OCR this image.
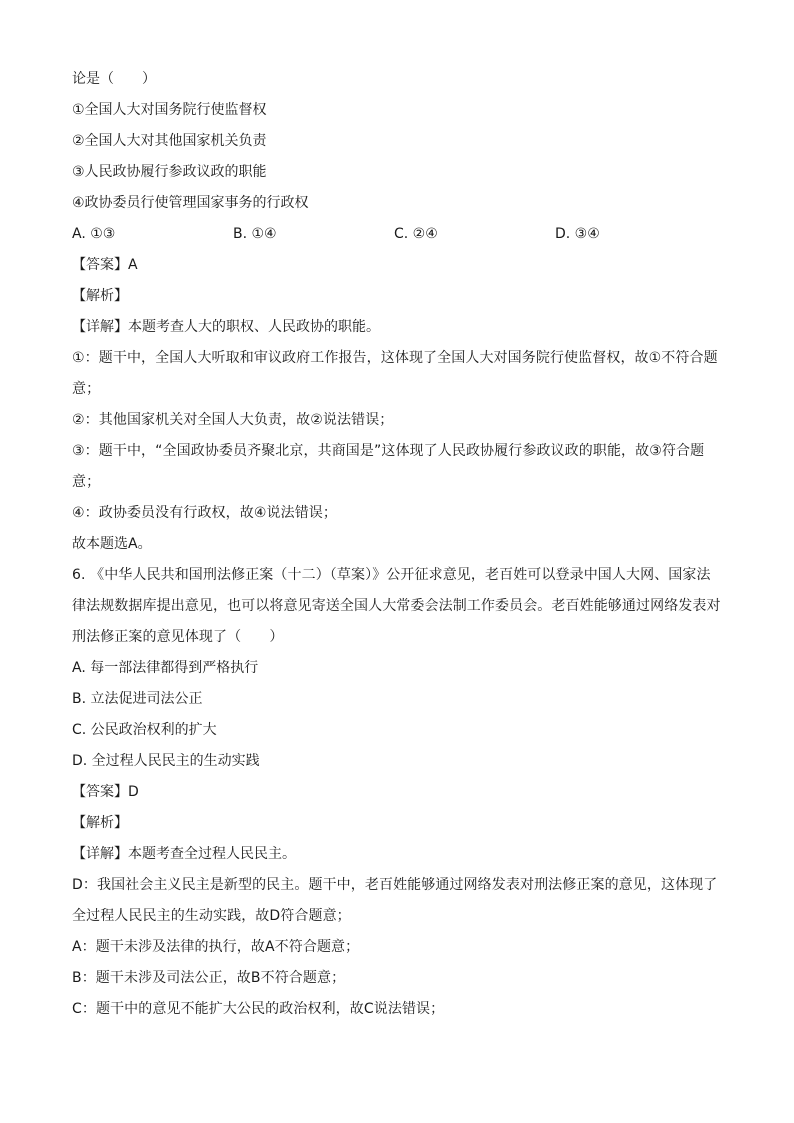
论是（　　）
①全国人大对国务院行使监督权
②全国人大对其他国家机关负责
③人民政协履行参政议政的职能
④政协委员行使管理国家事务的行政权
A. ①③	B. ①④	C. ②④	D. ③④
【答案】A
【解析】
【详解】本题考查人大的职权、人民政协的职能。
①：题干中，全国人大听取和审议政府工作报告，这体现了全国人大对国务院行使监督权，故①不符合题意；
②：其他国家机关对全国人大负责，故②说法错误；
③：题干中，“全国政协委员齐聚北京，共商国是”这体现了人民政协履行参政议政的职能，故③符合题意；
④：政协委员没有行政权，故④说法错误；
故本题选A。
6. 《中华人民共和国刑法修正案（十二）（草案）》公开征求意见，老百姓可以登录中国人大网、国家法律法规数据库提出意见，也可以将意见寄送全国人大常委会法制工作委员会。老百姓能够通过网络发表对刑法修正案的意见体现了（　　）
A. 每一部法律都得到严格执行
B. 立法促进司法公正
C. 公民政治权利的扩大
D. 全过程人民民主的生动实践
【答案】D
【解析】
【详解】本题考查全过程人民民主。
D：我国社会主义民主是新型的民主。题干中，老百姓能够通过网络发表对刑法修正案的意见，这体现了全过程人民民主的生动实践，故D符合题意；
A：题干未涉及法律的执行，故A不符合题意；
B：题干未涉及司法公正，故B不符合题意；
C：题干中的意见不能扩大公民的政治权利，故C说法错误；
